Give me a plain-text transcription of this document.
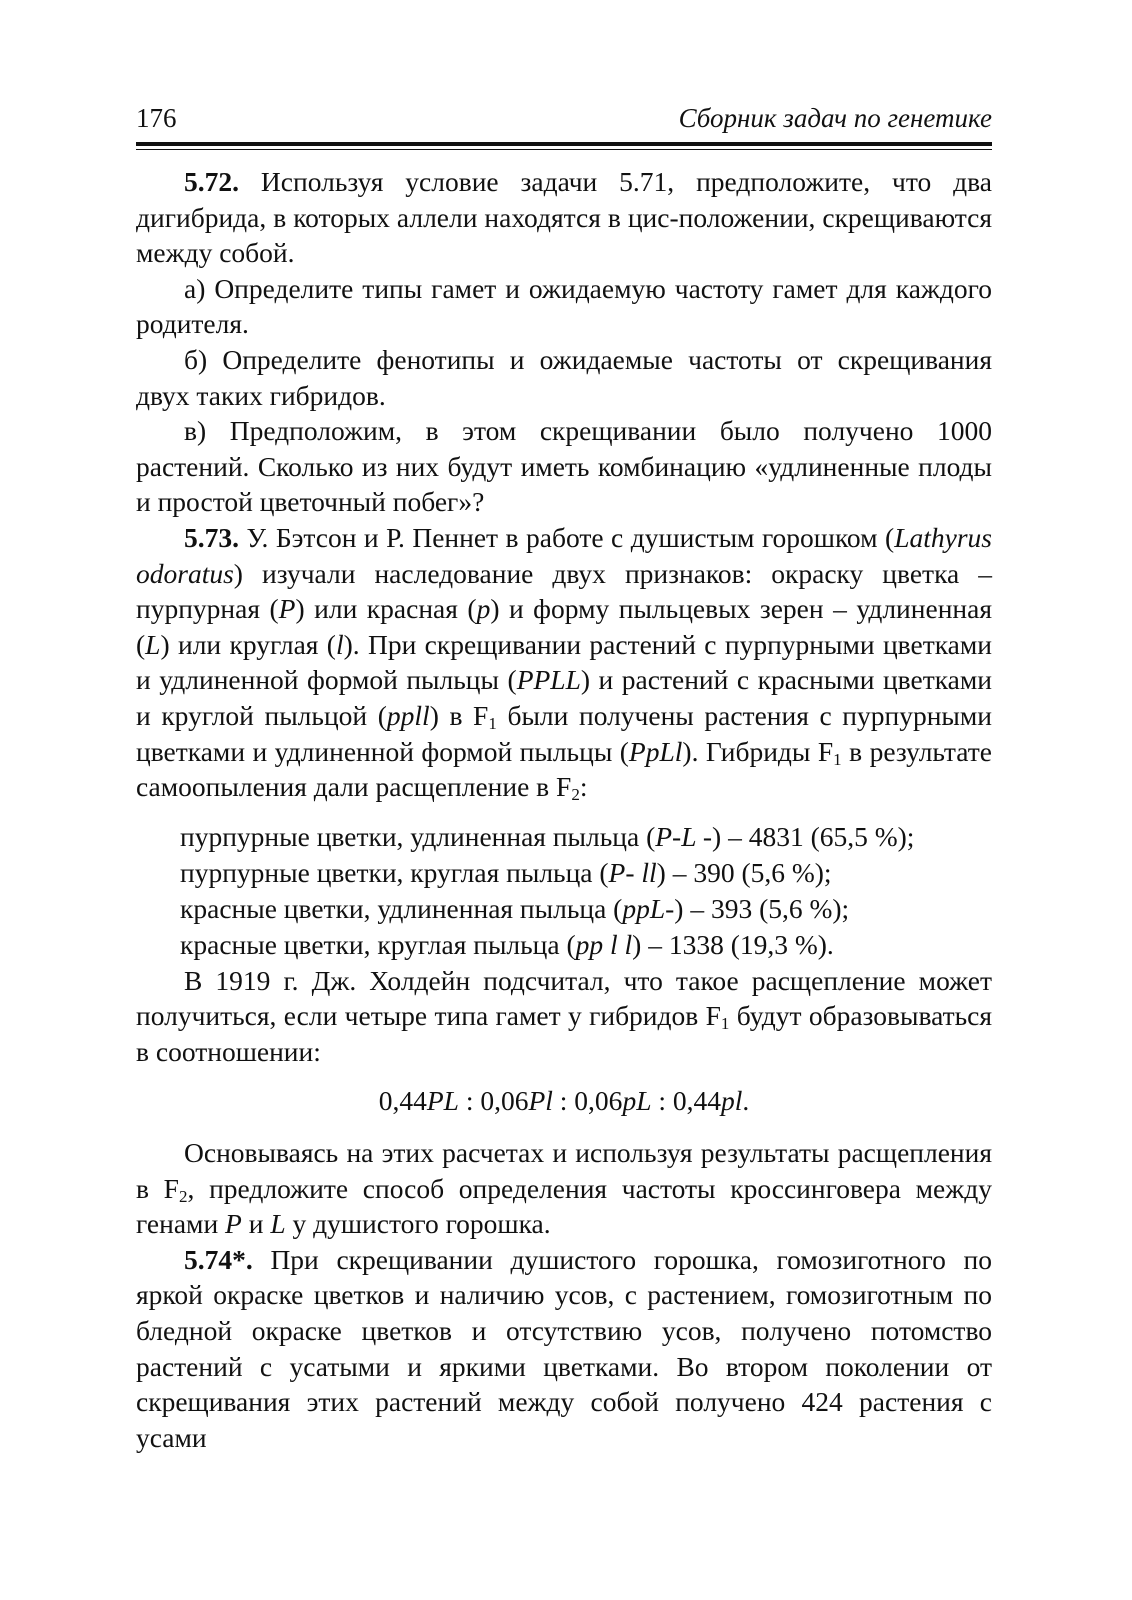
176	Сборник задач по генетике

5.72. Используя условие задачи 5.71, предположите, что два дигибрида, в которых аллели находятся в цис-положении, скрещиваются между собой.

а) Определите типы гамет и ожидаемую частоту гамет для каждого родителя.

б) Определите фенотипы и ожидаемые частоты от скрещивания двух таких гибридов.

в) Предположим, в этом скрещивании было получено 1000 растений. Сколько из них будут иметь комбинацию «удлиненные плоды и простой цветочный побег»?

5.73. У. Бэтсон и Р. Пеннет в работе с душистым горошком (Lathyrus odoratus) изучали наследование двух признаков: окраску цветка – пурпурная (P) или красная (p) и форму пыльцевых зерен – удлиненная (L) или круглая (l). При скрещивании растений с пурпурными цветками и удлиненной формой пыльцы (PPLL) и растений с красными цветками и круглой пыльцой (ppll) в $F_1$ были получены растения с пурпурными цветками и удлиненной формой пыльцы (PpLl). Гибриды $F_1$ в результате самоопыления дали расщепление в $F_2$:

пурпурные цветки, удлиненная пыльца (P-L -) – 4831 (65,5 %);
пурпурные цветки, круглая пыльца (P- ll) – 390 (5,6 %);
красные цветки, удлиненная пыльца (ppL-) – 393 (5,6 %);
красные цветки, круглая пыльца (pp l l) – 1338 (19,3 %).

В 1919 г. Дж. Холдейн подсчитал, что такое расщепление может получиться, если четыре типа гамет у гибридов $F_1$ будут образовываться в соотношении:

0,44PL : 0,06Pl : 0,06pL : 0,44pl.

Основываясь на этих расчетах и используя результаты расщепления в $F_2$, предложите способ определения частоты кроссинговера между генами P и L у душистого горошка.

5.74*. При скрещивании душистого горошка, гомозиготного по яркой окраске цветков и наличию усов, с растением, гомозиготным по бледной окраске цветков и отсутствию усов, получено потомство растений с усатыми и яркими цветками. Во втором поколении от скрещивания этих растений между собой получено 424 растения с усами
